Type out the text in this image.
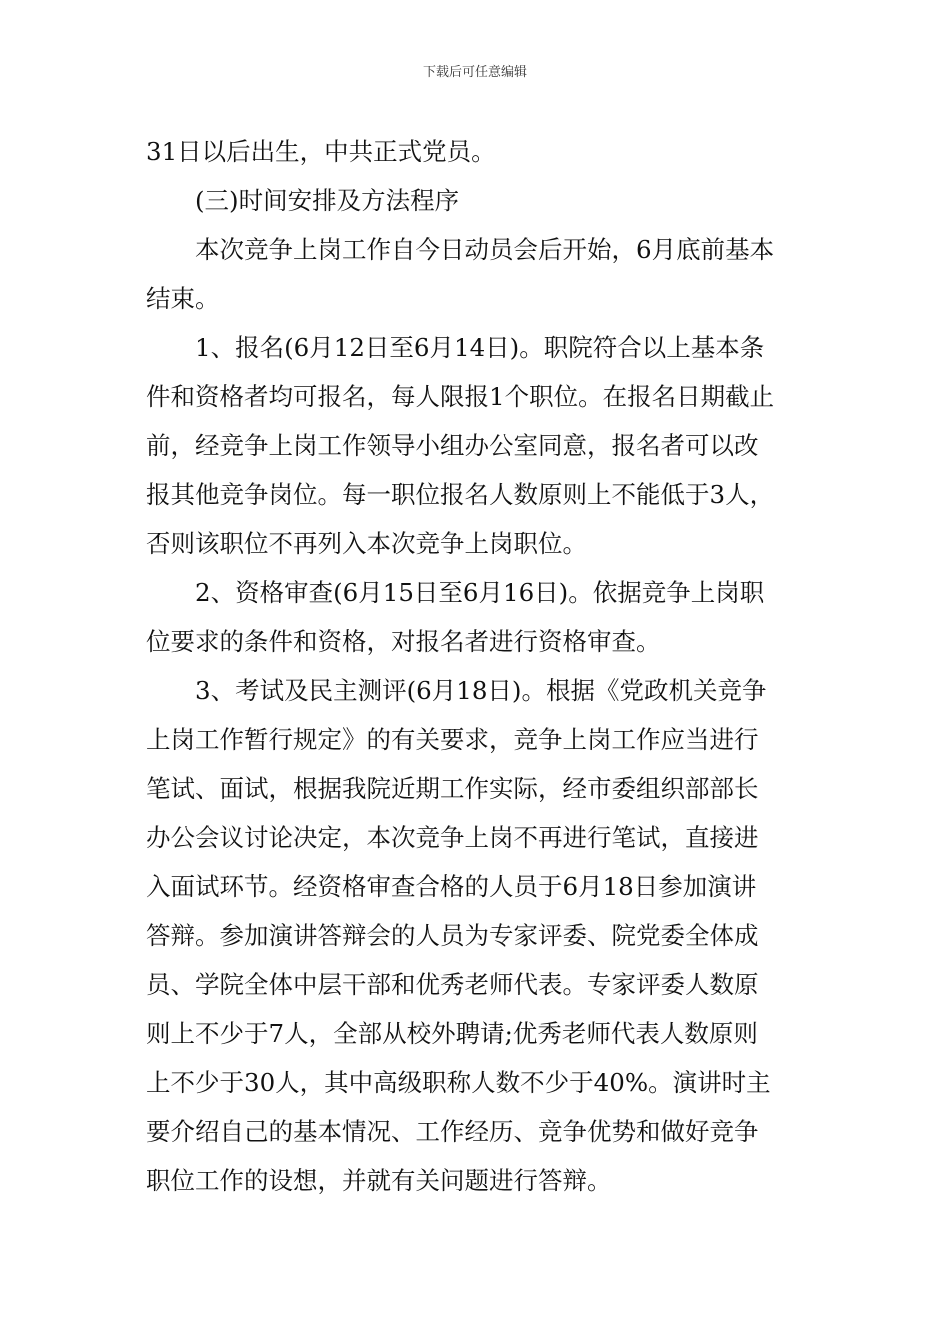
下载后可任意编辑
31日以后出生，中共正式党员。
(三)时间安排及方法程序
本次竞争上岗工作自今日动员会后开始，6月底前基本
结束。
1、报名(6月12日至6月14日)。职院符合以上基本条
件和资格者均可报名，每人限报1个职位。在报名日期截止
前，经竞争上岗工作领导小组办公室同意，报名者可以改
报其他竞争岗位。每一职位报名人数原则上不能低于3人，
否则该职位不再列入本次竞争上岗职位。
2、资格审查(6月15日至6月16日)。依据竞争上岗职
位要求的条件和资格，对报名者进行资格审查。
3、考试及民主测评(6月18日)。根据《党政机关竞争
上岗工作暂行规定》的有关要求，竞争上岗工作应当进行
笔试、面试，根据我院近期工作实际，经市委组织部部长
办公会议讨论决定，本次竞争上岗不再进行笔试，直接进
入面试环节。经资格审查合格的人员于6月18日参加演讲
答辩。参加演讲答辩会的人员为专家评委、院党委全体成
员、学院全体中层干部和优秀老师代表。专家评委人数原
则上不少于7人，全部从校外聘请;优秀老师代表人数原则
上不少于30人，其中高级职称人数不少于40%。演讲时主
要介绍自己的基本情况、工作经历、竞争优势和做好竞争
职位工作的设想，并就有关问题进行答辩。
